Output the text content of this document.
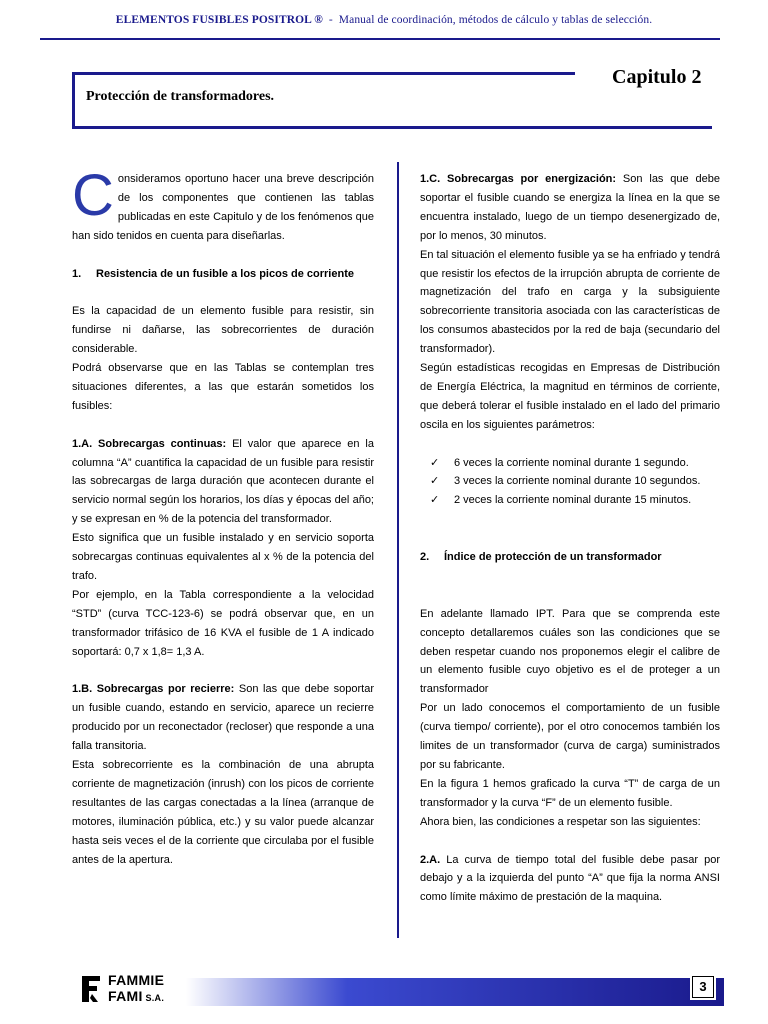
ELEMENTOS FUSIBLES POSITROL ®  -  Manual de coordinación, métodos de cálculo y tablas de selección.
Protección de transformadores.
Capitulo 2

Consideramos oportuno hacer una breve descripción de los componentes que contienen las tablas publicadas en este Capitulo y de los fenómenos que han sido tenidos en cuenta para diseñarlas.

1. Resistencia de un fusible a los picos de corriente

Es la capacidad de un elemento fusible para resistir, sin fundirse ni dañarse, las sobrecorrientes de duración considerable.

Podrá observarse que en las Tablas se contemplan tres situaciones diferentes, a las que estarán sometidos los fusibles:

1.A. Sobrecargas continuas: El valor que aparece en la columna “A” cuantifica la capacidad de un fusible para resistir las sobrecargas de larga duración que acontecen durante el servicio normal según los horarios, los días y épocas del año; y se expresan en % de la potencia del transformador.

Esto significa que un fusible instalado y en servicio soporta sobrecargas continuas equivalentes al x % de la potencia del trafo.

Por ejemplo, en la Tabla correspondiente a la velocidad “STD” (curva TCC-123-6) se podrá observar que, en un transformador trifásico de 16 KVA el fusible de 1 A indicado soportará: 0,7 x 1,8= 1,3 A.

1.B. Sobrecargas por recierre: Son las que debe soportar un fusible cuando, estando en servicio, aparece un recierre producido por un reconectador (recloser) que responde a una falla transitoria.

Esta sobrecorriente es la combinación de una abrupta corriente de magnetización (inrush) con los picos de corriente resultantes de las cargas conectadas a la línea (arranque de motores, iluminación pública, etc.) y su valor puede alcanzar hasta seis veces el de la corriente que circulaba por el fusible antes de la apertura.

1.C. Sobrecargas por energización: Son las que debe soportar el fusible cuando se energiza la línea en la que se encuentra instalado, luego de un tiempo desenergizado de, por lo menos, 30 minutos.

En tal situación el elemento fusible ya se ha enfriado y tendrá que resistir los efectos de la irrupción abrupta de corriente de magnetización del trafo en carga y la subsiguiente sobrecorriente transitoria asociada con las características de los consumos abastecidos por la red de baja (secundario del transformador).

Según estadísticas recogidas en Empresas de Distribución de Energía Eléctrica, la magnitud en términos de corriente, que deberá tolerar el fusible instalado en el lado del primario oscila en los siguientes parámetros:

✓	6 veces la corriente nominal durante 1 segundo.
✓	3 veces la corriente nominal durante 10 segundos.
✓	2 veces la corriente nominal durante 15 minutos.

2. Índice de protección de un transformador

En adelante llamado IPT. Para que se comprenda este concepto detallaremos cuáles son las condiciones que se deben respetar cuando nos proponemos elegir el calibre de un elemento fusible cuyo objetivo es el de proteger a un transformador

Por un lado conocemos el comportamiento de un fusible (curva tiempo/ corriente), por el otro conocemos también los limites de un transformador (curva de carga) suministrados por su fabricante.

En la figura 1 hemos graficado la curva “T” de carga de un transformador y la curva “F” de un elemento fusible.

Ahora bien, las condiciones a respetar son las siguientes:

2.A. La curva de tiempo total del fusible debe pasar por debajo y a la izquierda del punto “A” que fija la norma ANSI como límite máximo de prestación de la maquina.

FAMMIE
FAMI S.A.
3
